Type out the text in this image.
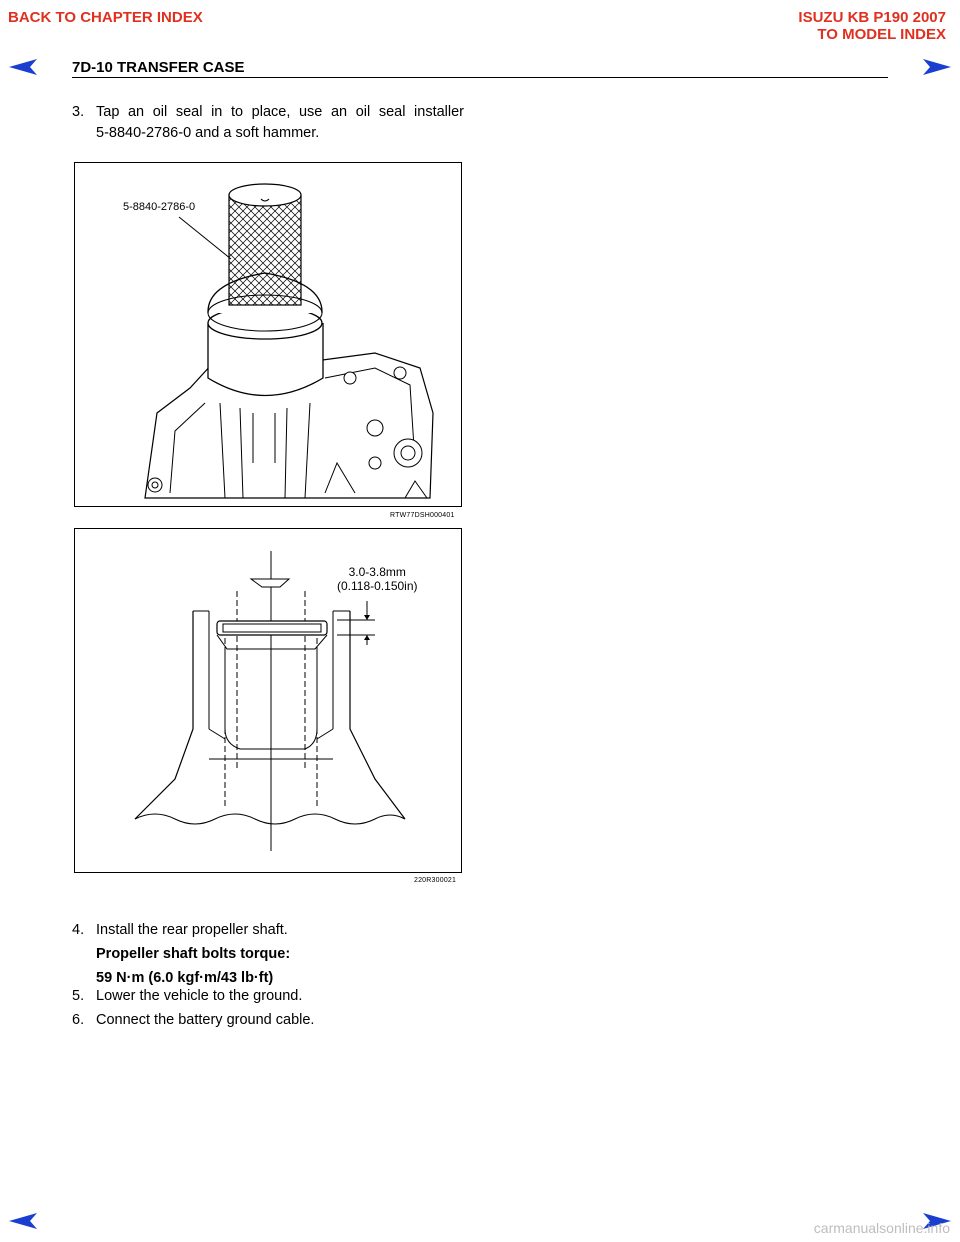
BACK TO CHAPTER INDEX	ISUZU KB P190 2007
TO MODEL INDEX
7D-10 TRANSFER CASE
3. Tap an oil seal in to place, use an oil seal installer
5-8840-2786-0 and a soft hammer.
5-8840-2786-0
RTW77DSH000401
3.0-3.8mm
(0.118-0.150in)
220R300021
4. Install the rear propeller shaft.
Propeller shaft bolts torque:
59 N·m (6.0 kgf·m/43 lb·ft)
5. Lower the vehicle to the ground.
6. Connect the battery ground cable.
carmanualsonline.info
